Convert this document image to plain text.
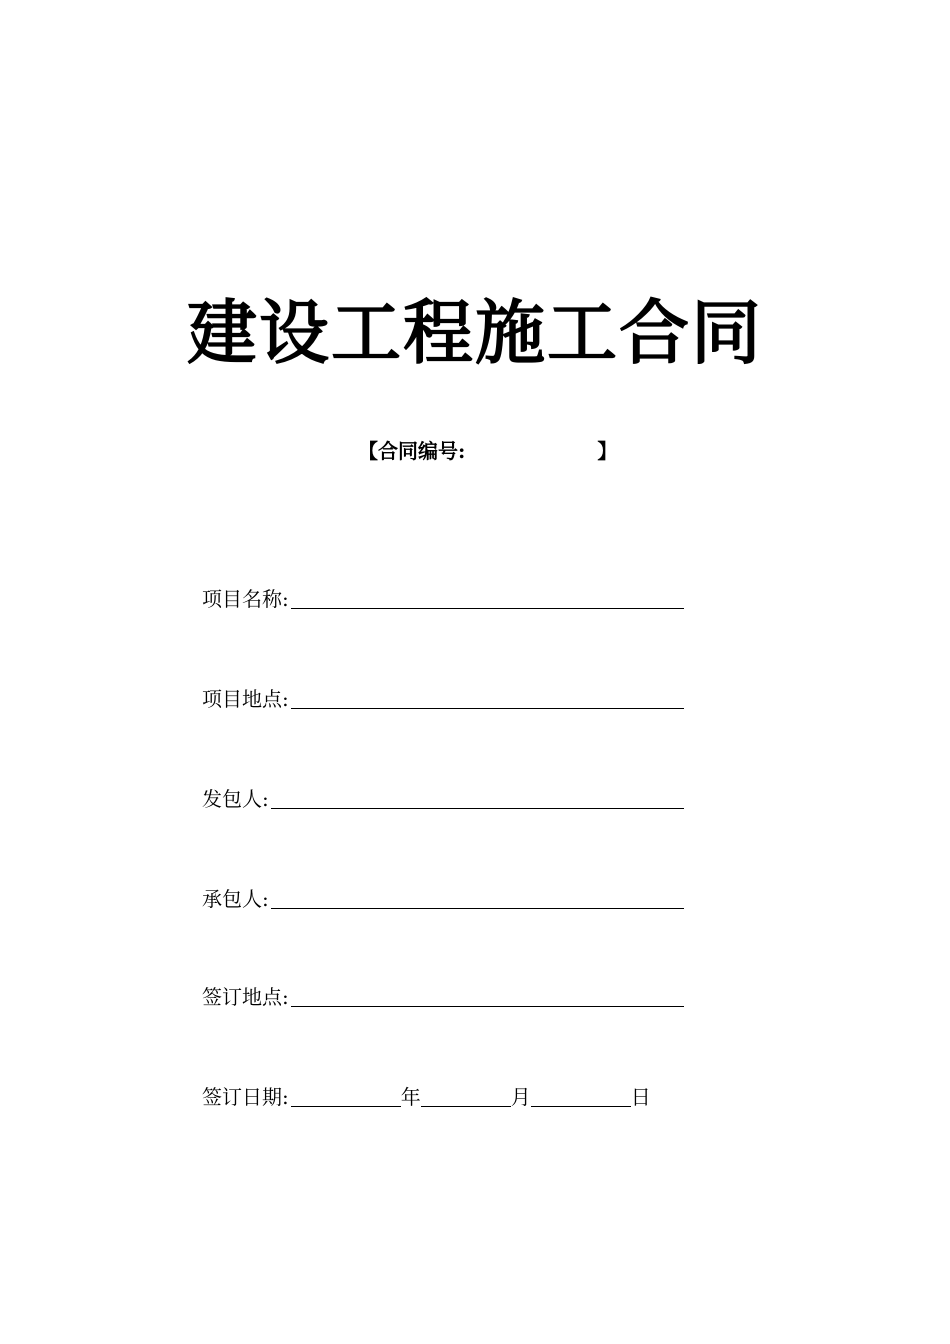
建设工程施工合同
【合同编号:	】
项目名称:
项目地点:
发包人:
承包人:
签订地点:
签订日期:	年	月	日
